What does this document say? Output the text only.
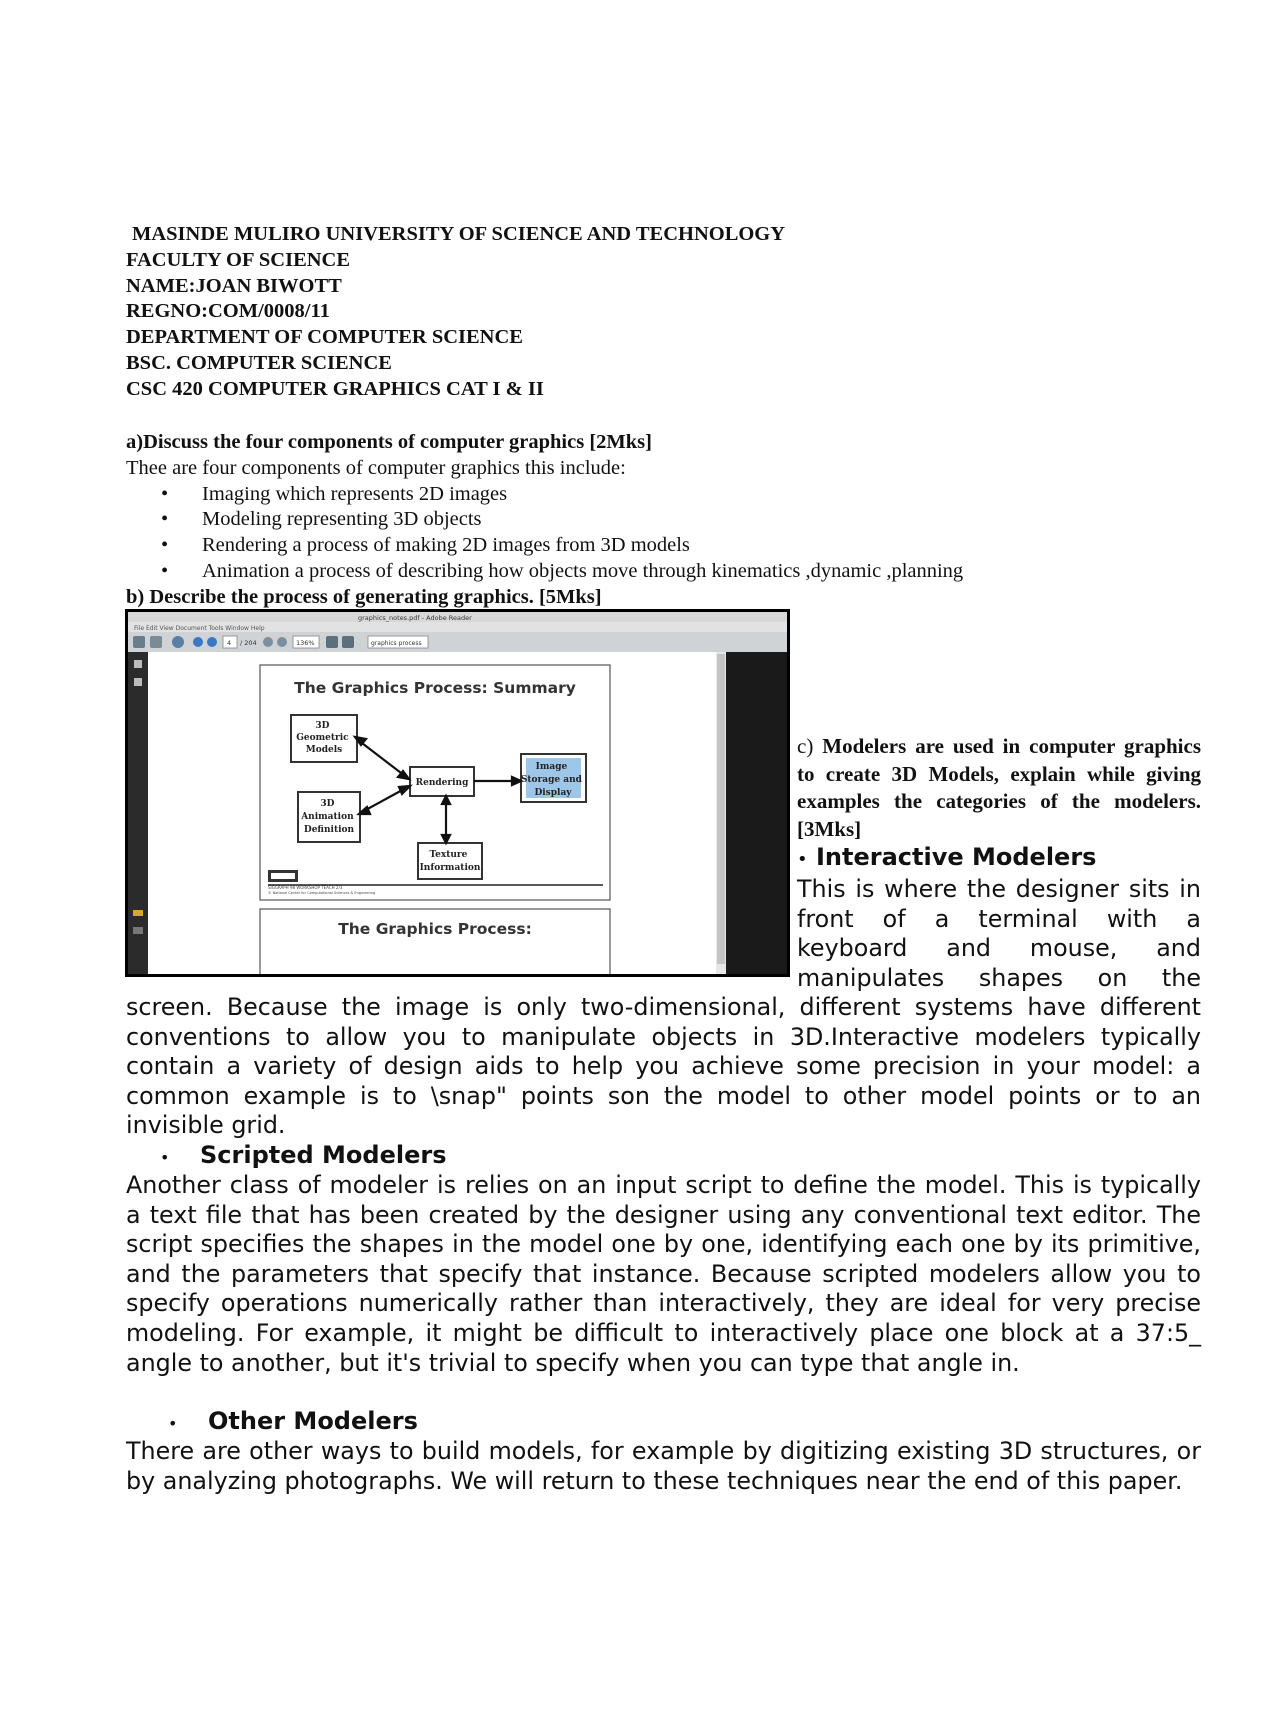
MASINDE MULIRO UNIVERSITY OF SCIENCE AND TECHNOLOGY
FACULTY OF SCIENCE
NAME:JOAN BIWOTT
REGNO:COM/0008/11
DEPARTMENT OF COMPUTER SCIENCE
BSC. COMPUTER SCIENCE
CSC 420 COMPUTER GRAPHICS CAT I & II
a)Discuss the four components of computer graphics [2Mks]
Thee are four components of computer graphics this include:
• Imaging which represents 2D images
• Modeling representing 3D objects
• Rendering a process of making 2D images from 3D models
• Animation a process of describing how objects move through kinematics ,dynamic ,planning
b) Describe the process of generating graphics. [5Mks]
graphics_notes.pdf - Adobe Reader
File Edit View Document Tools Window Help
4 / 204	136%	graphics process
The Graphics Process: Summary
3D Geometric Models
3D Animation Definition
Rendering
Texture Information
Image Storage and Display
SIGGRAPH 98 WORKSHOP TEACH 2/3
© National Center for Computational Sciences & Engineering
The Graphics Process:
c) Modelers are used in computer graphics to create 3D Models, explain while giving examples the categories of the modelers. [3Mks]
• Interactive Modelers
This is where the designer sits in front of a terminal with a keyboard and mouse, and manipulates shapes on the
screen. Because the image is only two-dimensional, different systems have different conventions to allow you to manipulate objects in 3D.Interactive modelers typically contain a variety of design aids to help you achieve some precision in your model: a common example is to \snap" points son the model to other model points or to an invisible grid.
• Scripted Modelers
Another class of modeler is relies on an input script to define the model. This is typically a text file that has been created by the designer using any conventional text editor. The script specifies the shapes in the model one by one, identifying each one by its primitive, and the parameters that specify that instance. Because scripted modelers allow you to specify operations numerically rather than interactively, they are ideal for very precise modeling. For example, it might be difficult to interactively place one block at a 37:5_ angle to another, but it's trivial to specify when you can type that angle in.
• Other Modelers
There are other ways to build models, for example by digitizing existing 3D structures, or by analyzing photographs. We will return to these techniques near the end of this paper.
